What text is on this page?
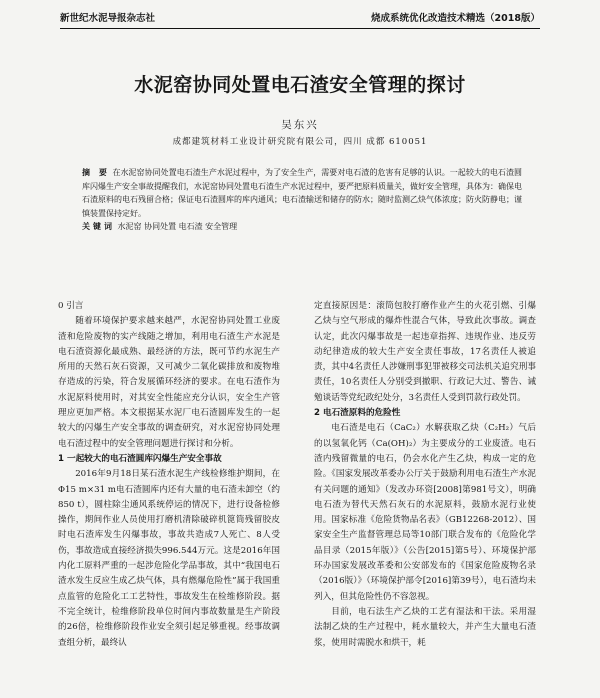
新世纪水泥导报杂志社	烧成系统优化改造技术精选（2018版）
水泥窑协同处置电石渣安全管理的探讨
吴东兴
成都建筑材料工业设计研究院有限公司，四川 成都 610051

摘 要 在水泥窑协同处置电石渣生产水泥过程中，为了安全生产，需要对电石渣的危害有足够的认识。一起较大的电石渣圆库闪爆生产安全事故提醒我们，水泥窑协同处置电石渣生产水泥过程中，要严把原料质量关，做好安全管理，具体为：确保电石渣原料的电石残留合格；保证电石渣圆库的库内通风；电石渣输送和储存的防水；随时监测乙炔气体浓度；防火防静电；谨慎装置保持定好。

关键词 水泥窑 协同处置 电石渣 安全管理

0 引言

随着环境保护要求越来越严，水泥窑协同处置工业废渣和危险废物的实产线随之增加，利用电石渣生产水泥是电石渣资源化最成熟、最经济的方法，既可节约水泥生产所用的天然石灰石资源，又可减少二氧化碳排放和废物堆存造成的污染，符合发展循环经济的要求。在电石渣作为水泥原料使用时，对其安全性能应充分认识，安全生产管理应更加严格。本文根据某水泥厂电石渣圆库发生的一起较大的闪爆生产安全事故的调查研究，对水泥窑协同处理电石渣过程中的安全管理问题进行探讨和分析。

1 一起较大的电石渣圆库闪爆生产安全事故

2016年9月18日某石渣水泥生产线检修维护期间，在Φ15 m×31 m电石渣圆库内还有大量的电石渣未卸空（约850 t），圆柱除尘通风系统停运的情况下，进行设备检修操作，期间作业人员使用打磨机清除破碎机篦筒残留胶皮时电石渣库发生闪爆事故，事故共造成7人死亡、8人受伤，事故造成直接经济损失996.544万元。这是2016年国内化工原料严重的一起涉危险化学品事故，其中“我国电石渣水发生反应生成乙炔气体，具有燃爆危险性”属于我国重点监管的危险化工工艺特性，事故发生在检维修阶段。据不完全统计，检维修阶段单位时间内事故数量是生产阶段的26倍，检维修阶段作业安全须引起足够重视。经事故调查组分析，最终认

定直接原因是：滚筒包胶打磨作业产生的火花引燃、引爆乙炔与空气形成的爆炸性混合气体，导致此次事故。调查认定，此次闪爆事故是一起违章指挥、违规作业、违反劳动纪律造成的较大生产安全责任事故，17名责任人被追责，其中4名责任人涉嫌刑事犯罪被移交司法机关追究刑事责任，10名责任人分别受到撤职、行政记大过、警告、诫勉谈话等党纪政纪处分，3名责任人受到罚款行政处罚。

2 电石渣原料的危险性

电石渣是电石（CaC₂）水解获取乙炔（C₂H₂）气后的以氢氧化钙（Ca(OH)₂）为主要成分的工业废渣。电石渣内残留微量的电石，仍会水化产生乙炔，构成一定的危险。《国家发展改革委办公厅关于鼓励利用电石渣生产水泥有关问题的通知》（发改办环资[2008]第981号文），明确电石渣为替代天然石灰石的水泥原料，鼓励水泥行业使用。国家标准《危险货物品名表》（GB12268-2012）、国家安全生产监督管理总局等10部门联合发布的《危险化学品目录（2015年版）》（公告[2015]第5号）、环境保护部环办国家发展改革委和公安部发布的《国家危险废物名录（2016版）》（环境保护部令[2016]第39号），电石渣均未列入，但其危险性仍不容忽视。

目前，电石法生产乙炔的工艺有湿法和干法。采用湿法制乙炔的生产过程中，耗水量较大，并产生大量电石渣浆，使用时需脱水和烘干，耗
